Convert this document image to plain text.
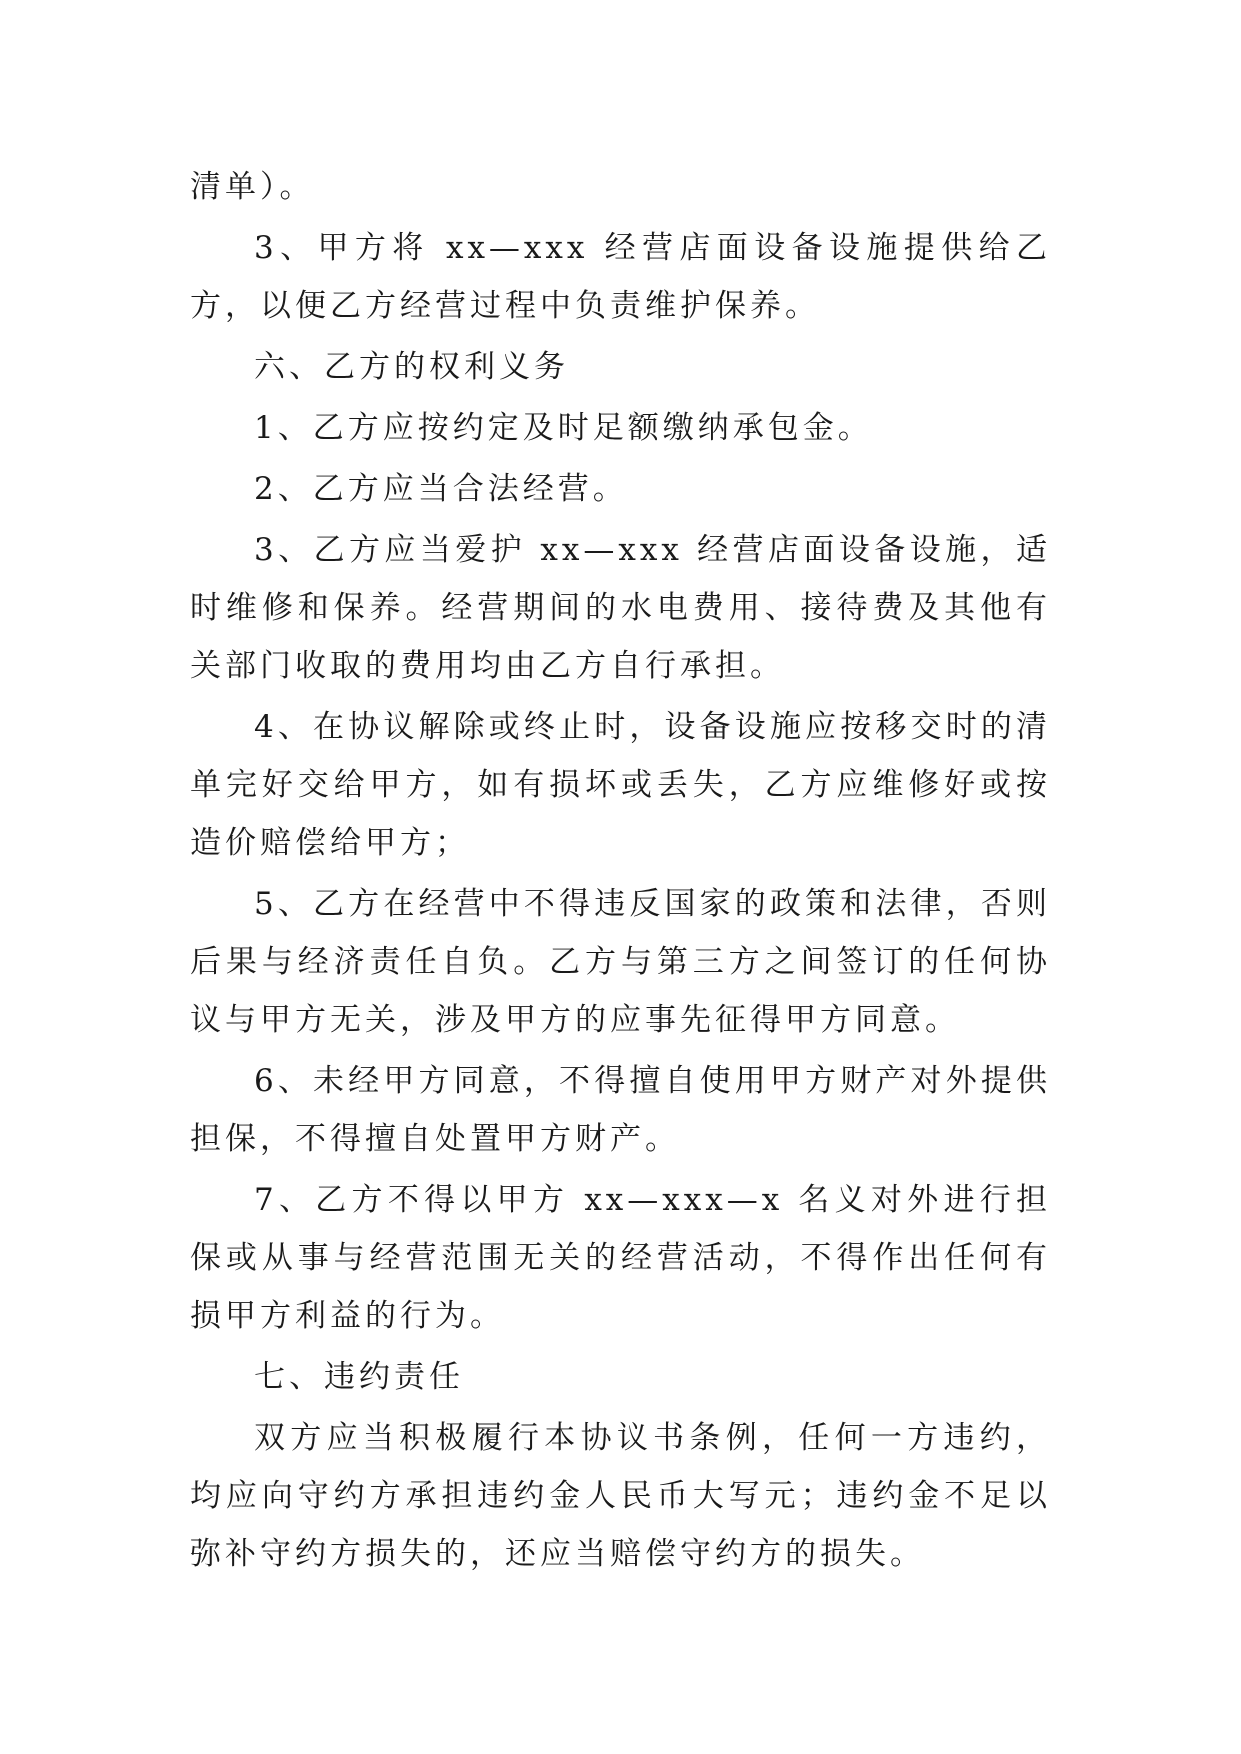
清单）。

3、甲方将 xx—xxx 经营店面设备设施提供给乙方，以便乙方经营过程中负责维护保养。

六、乙方的权利义务

1、乙方应按约定及时足额缴纳承包金。

2、乙方应当合法经营。

3、乙方应当爱护 xx—xxx 经营店面设备设施，适时维修和保养。经营期间的水电费用、接待费及其他有关部门收取的费用均由乙方自行承担。

4、在协议解除或终止时，设备设施应按移交时的清单完好交给甲方，如有损坏或丢失，乙方应维修好或按造价赔偿给甲方；

5、乙方在经营中不得违反国家的政策和法律，否则后果与经济责任自负。乙方与第三方之间签订的任何协议与甲方无关，涉及甲方的应事先征得甲方同意。

6、未经甲方同意，不得擅自使用甲方财产对外提供担保，不得擅自处置甲方财产。

7、乙方不得以甲方 xx—xxx—x 名义对外进行担保或从事与经营范围无关的经营活动，不得作出任何有损甲方利益的行为。

七、违约责任

双方应当积极履行本协议书条例，任何一方违约，均应向守约方承担违约金人民币大写元；违约金不足以弥补守约方损失的，还应当赔偿守约方的损失。
